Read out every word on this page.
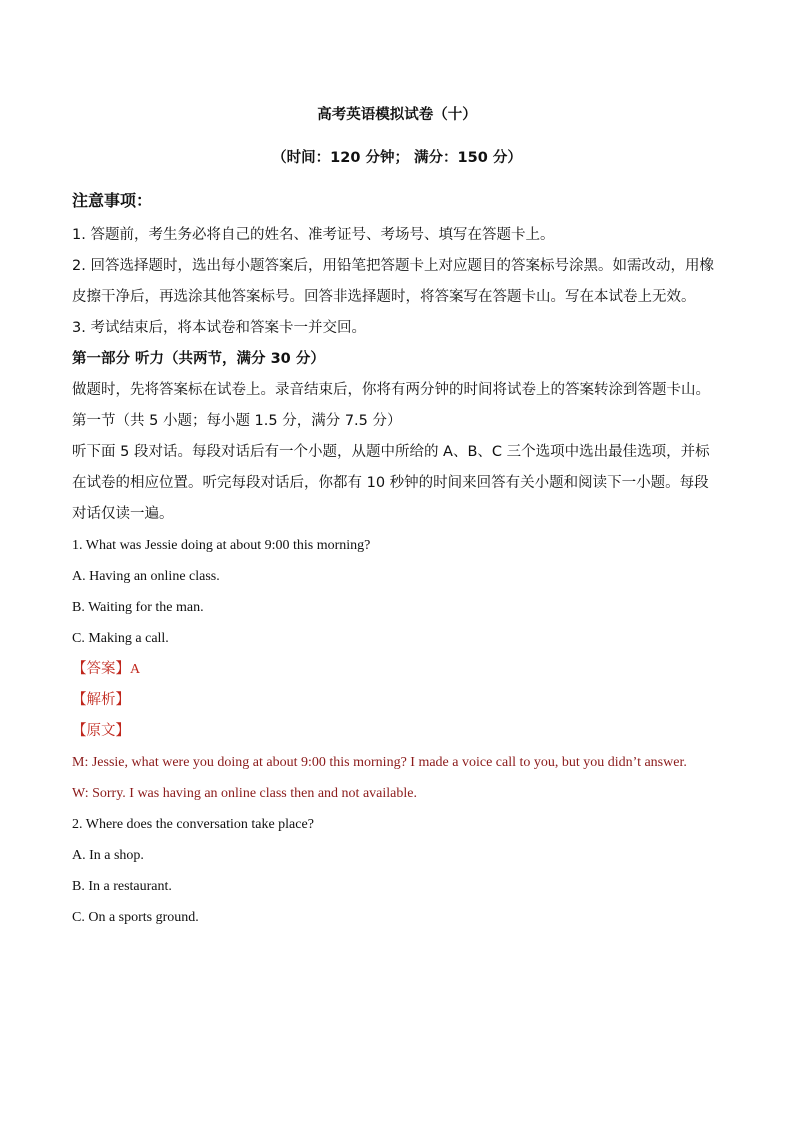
高考英语模拟试卷（十）
（时间：120 分钟； 满分：150 分）

注意事项：

1. 答题前，考生务必将自己的姓名、准考证号、考场号、填写在答题卡上。

2. 回答选择题时，选出每小题答案后，用铅笔把答题卡上对应题目的答案标号涂黑。如需改动，用橡皮擦干净后，再选涂其他答案标号。回答非选择题时，将答案写在答题卡山。写在本试卷上无效。

3. 考试结束后，将本试卷和答案卡一并交回。

第一部分 听力（共两节，满分 30 分）

做题时，先将答案标在试卷上。录音结束后，你将有两分钟的时间将试卷上的答案转涂到答题卡山。

第一节（共 5 小题；每小题 1.5 分，满分 7.5 分）

听下面 5 段对话。每段对话后有一个小题，从题中所给的 A、B、C 三个选项中选出最佳选项，并标在试卷的相应位置。听完每段对话后，你都有 10 秒钟的时间来回答有关小题和阅读下一小题。每段对话仅读一遍。

1. What was Jessie doing at about 9:00 this morning?

A. Having an online class.

B. Waiting for the man.

C. Making a call.

【答案】A

【解析】

【原文】

M: Jessie, what were you doing at about 9:00 this morning? I made a voice call to you, but you didn’t answer.

W: Sorry. I was having an online class then and not available.

2. Where does the conversation take place?

A. In a shop.

B. In a restaurant.

C. On a sports ground.
